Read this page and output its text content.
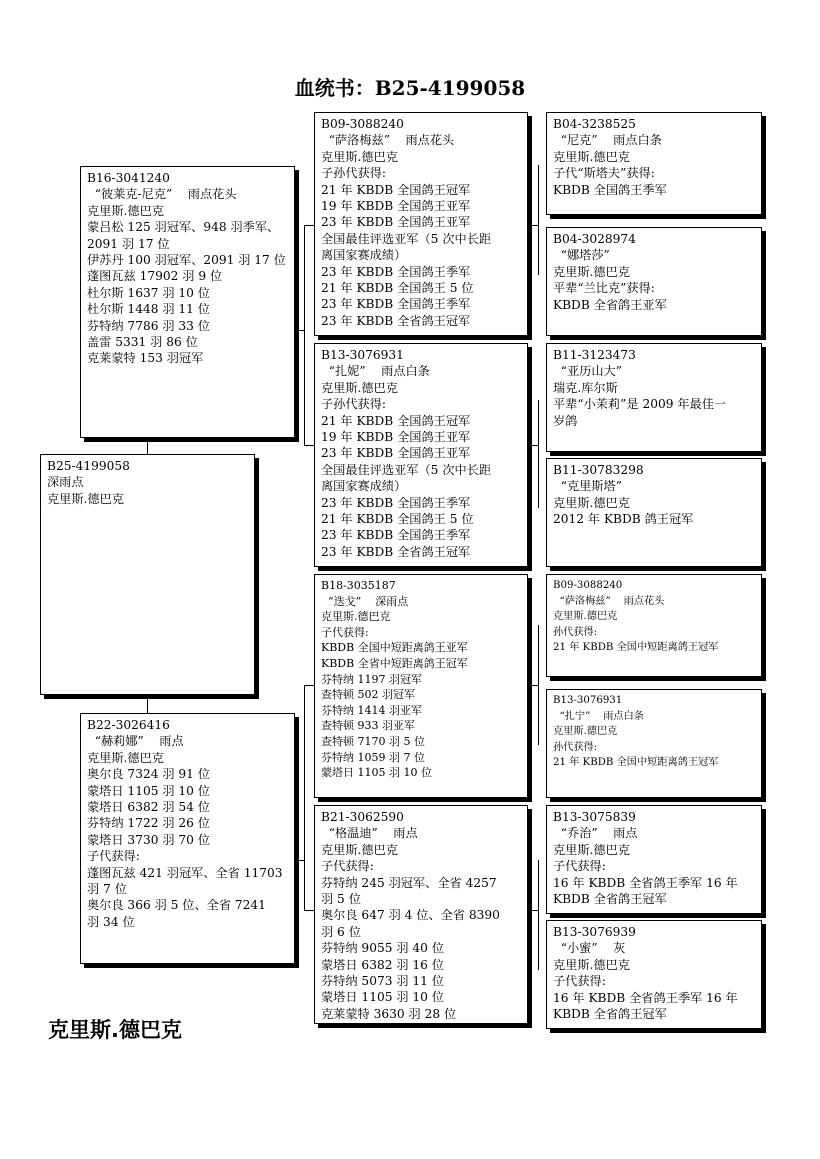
血统书：B25-4199058
B16-3041240
“彼莱克-尼克”    雨点花头
克里斯.德巴克
蒙吕松 125 羽冠军、948 羽季军、
2091 羽 17 位
伊苏丹 100 羽冠军、2091 羽 17 位
蓬图瓦兹 17902 羽 9 位
杜尔斯 1637 羽 10 位
杜尔斯 1448 羽 11 位
芬特纳 7786 羽 33 位
盖雷 5331 羽 86 位
克莱蒙特 153 羽冠军
B25-4199058
深雨点
克里斯.德巴克
B22-3026416
“赫莉娜”    雨点
克里斯.德巴克
奥尔良 7324 羽 91 位
蒙塔日 1105 羽 10 位
蒙塔日 6382 羽 54 位
芬特纳 1722 羽 26 位
蒙塔日 3730 羽 70 位
子代获得:
蓬图瓦兹 421 羽冠军、全省 11703
羽 7 位
奥尔良 366 羽 5 位、全省 7241
羽 34 位
B09-3088240
“萨洛梅兹”    雨点花头
克里斯.德巴克
子孙代获得:
21 年 KBDB 全国鸽王冠军
19 年 KBDB 全国鸽王亚军
23 年 KBDB 全国鸽王亚军
全国最佳评选亚军（5 次中长距
离国家赛成绩）
23 年 KBDB 全国鸽王季军
21 年 KBDB 全国鸽王 5 位
23 年 KBDB 全国鸽王季军
23 年 KBDB 全省鸽王冠军
B13-3076931
“扎妮”    雨点白条
克里斯.德巴克
子孙代获得:
21 年 KBDB 全国鸽王冠军
19 年 KBDB 全国鸽王亚军
23 年 KBDB 全国鸽王亚军
全国最佳评选亚军（5 次中长距
离国家赛成绩）
23 年 KBDB 全国鸽王季军
21 年 KBDB 全国鸽王 5 位
23 年 KBDB 全国鸽王季军
23 年 KBDB 全省鸽王冠军
B18-3035187
“迭戈”    深雨点
克里斯.德巴克
子代获得:
KBDB 全国中短距离鸽王亚军
KBDB 全省中短距离鸽王冠军
芬特纳 1197 羽冠军
查特顿 502 羽冠军
芬特纳 1414 羽亚军
查特顿 933 羽亚军
查特顿 7170 羽 5 位
芬特纳 1059 羽 7 位
蒙塔日 1105 羽 10 位
B21-3062590
“格温迪”    雨点
克里斯.德巴克
子代获得:
芬特纳 245 羽冠军、全省 4257
羽 5 位
奥尔良 647 羽 4 位、全省 8390
羽 6 位
芬特纳 9055 羽 40 位
蒙塔日 6382 羽 16 位
芬特纳 5073 羽 11 位
蒙塔日 1105 羽 10 位
克莱蒙特 3630 羽 28 位
B04-3238525
“尼克”    雨点白条
克里斯.德巴克
子代“斯塔夫”获得:
KBDB 全国鸽王季军
B04-3028974
“娜塔莎”
克里斯.德巴克
平辈“兰比克”获得:
KBDB 全省鸽王亚军
B11-3123473
“亚历山大”
瑞克.库尔斯
平辈“小茉莉”是 2009 年最佳一
岁鸽
B11-30783298
“克里斯塔”
克里斯.德巴克
2012 年 KBDB 鸽王冠军
B09-3088240
“萨洛梅兹”    雨点花头
克里斯.德巴克
孙代获得:
21 年 KBDB 全国中短距离鸽王冠军
B13-3076931
“扎宁”    雨点白条
克里斯.德巴克
孙代获得:
21 年 KBDB 全国中短距离鸽王冠军
B13-3075839
“乔治”    雨点
克里斯.德巴克
子代获得:
16 年 KBDB 全省鸽王季军 16 年
KBDB 全省鸽王冠军
B13-3076939
“小蜜”    灰
克里斯.德巴克
子代获得:
16 年 KBDB 全省鸽王季军 16 年
KBDB 全省鸽王冠军
克里斯.德巴克
